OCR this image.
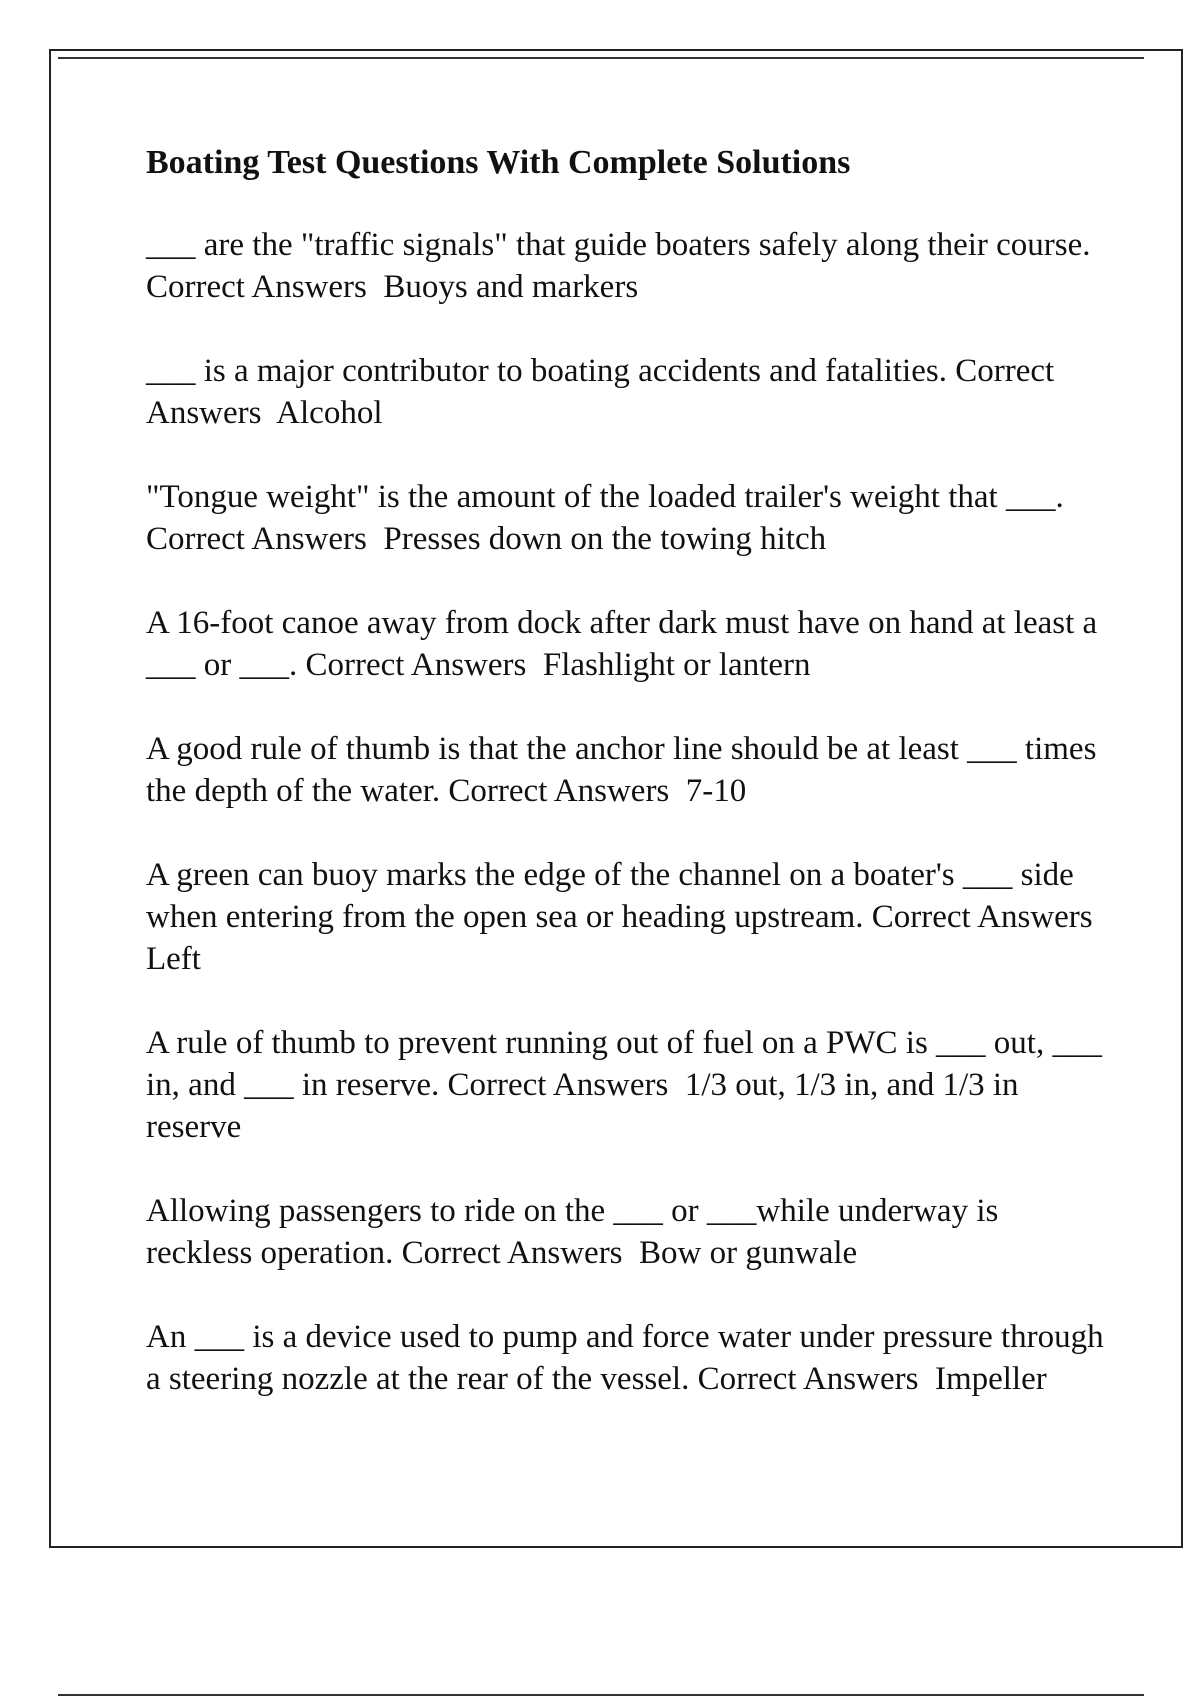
Boating Test Questions With Complete Solutions
___ are the "traffic signals" that guide boaters safely along their course. Correct Answers Buoys and markers
___ is a major contributor to boating accidents and fatalities. Correct Answers Alcohol
"Tongue weight" is the amount of the loaded trailer's weight that ___. Correct Answers Presses down on the towing hitch
A 16-foot canoe away from dock after dark must have on hand at least a ___ or ___. Correct Answers Flashlight or lantern
A good rule of thumb is that the anchor line should be at least ___ times the depth of the water. Correct Answers 7-10
A green can buoy marks the edge of the channel on a boater's ___ side when entering from the open sea or heading upstream. Correct Answers  Left
A rule of thumb to prevent running out of fuel on a PWC is ___ out, ___ in, and ___ in reserve. Correct Answers 1/3 out, 1/3 in, and 1/3 in reserve
Allowing passengers to ride on the ___ or ___while underway is reckless operation. Correct Answers Bow or gunwale
An ___ is a device used to pump and force water under pressure through a steering nozzle at the rear of the vessel. Correct Answers Impeller
